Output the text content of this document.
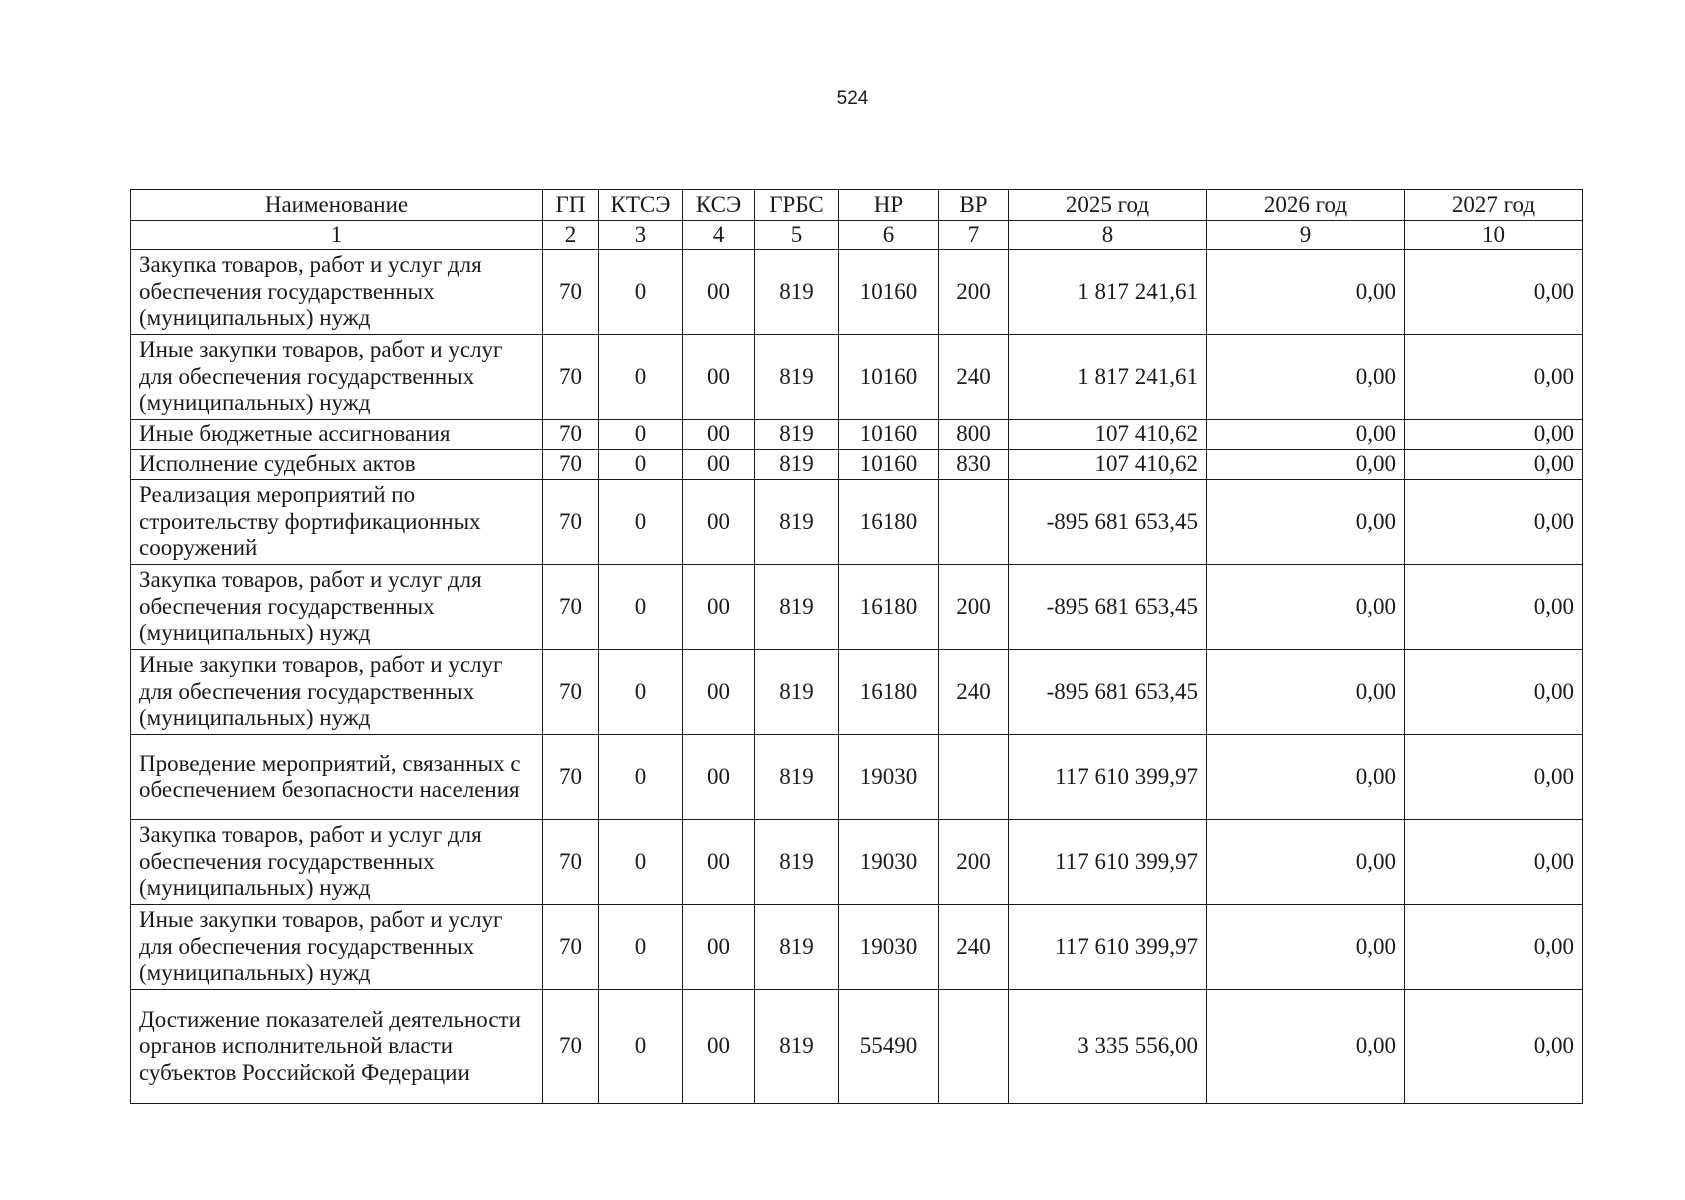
524
Наименование	ГП	КТСЭ	КСЭ	ГРБС	НР	ВР	2025 год	2026 год	2027 год
1	2	3	4	5	6	7	8	9	10
Закупка товаров, работ и услуг для обеспечения государственных (муниципальных) нужд	70	0	00	819	10160	200	1 817 241,61	0,00	0,00
Иные закупки товаров, работ и услуг для обеспечения государственных (муниципальных) нужд	70	0	00	819	10160	240	1 817 241,61	0,00	0,00
Иные бюджетные ассигнования	70	0	00	819	10160	800	107 410,62	0,00	0,00
Исполнение судебных актов	70	0	00	819	10160	830	107 410,62	0,00	0,00
Реализация мероприятий по строительству фортификационных сооружений	70	0	00	819	16180		-895 681 653,45	0,00	0,00
Закупка товаров, работ и услуг для обеспечения государственных (муниципальных) нужд	70	0	00	819	16180	200	-895 681 653,45	0,00	0,00
Иные закупки товаров, работ и услуг для обеспечения государственных (муниципальных) нужд	70	0	00	819	16180	240	-895 681 653,45	0,00	0,00
Проведение мероприятий, связанных с обеспечением безопасности населения	70	0	00	819	19030		117 610 399,97	0,00	0,00
Закупка товаров, работ и услуг для обеспечения государственных (муниципальных) нужд	70	0	00	819	19030	200	117 610 399,97	0,00	0,00
Иные закупки товаров, работ и услуг для обеспечения государственных (муниципальных) нужд	70	0	00	819	19030	240	117 610 399,97	0,00	0,00
Достижение показателей деятельности органов исполнительной власти субъектов Российской Федерации	70	0	00	819	55490		3 335 556,00	0,00	0,00
